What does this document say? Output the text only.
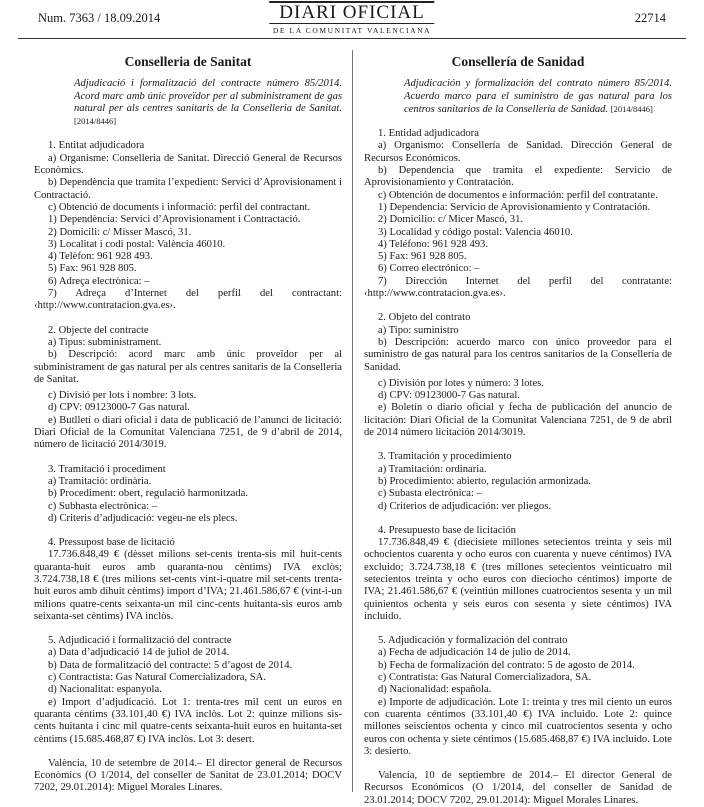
Num. 7363 / 18.09.2014	DIARI OFICIAL
DE LA COMUNITAT VALENCIANA
22714
Conselleria de Sanitat

Adjudicació i formalització del contracte número 85/2014. Acord marc amb únic proveïdor per al subministrament de gas natural per als centres sanitaris de la Conselleria de Sanitat. [2014/8446]

1. Entitat adjudicadora

a) Organisme: Conselleria de Sanitat. Direcció General de Recursos Econòmics.

b) Dependència que tramita l’expedient: Servici d’Aprovisionament i Contractació.

c) Obtenció de documents i informació: perfil del contractant.

1) Dependència: Servici d’Aprovisionament i Contractació.

2) Domicili: c/ Misser Mascó, 31.

3) Localitat i codi postal: València 46010.

4) Telèfon: 961 928 493.

5) Fax: 961 928 805.

6) Adreça electrònica: –

7) Adreça d’Internet del perfil del contractant: ‹http://www.contratacion.gva.es›.

2. Objecte del contracte

a) Tipus: subministrament.

b) Descripció: acord marc amb únic proveïdor per al subministrament de gas natural per als centres sanitaris de la Conselleria de Sanitat.

c) Divisió per lots i nombre: 3 lots.

d) CPV: 09123000-7 Gas natural.

e) Butlletí o diari oficial i data de publicació de l’anunci de licitació: Diari Oficial de la Comunitat Valenciana 7251, de 9 d’abril de 2014, número de licitació 2014/3019.

3. Tramitació i procediment

a) Tramitació: ordinària.

b) Procediment: obert, regulació harmonitzada.

c) Subhasta electrònica: –

d) Criteris d’adjudicació: vegeu-ne els plecs.

4. Pressupost base de licitació

17.736.848,49 € (dèsset milions set-cents trenta-sis mil huit-cents quaranta-huit euros amb quaranta-nou cèntims) IVA exclòs; 3.724.738,18 € (tres milions set-cents vint-i-quatre mil set-cents trenta-huit euros amb díhuit cèntims) import d’IVA; 21.461.586,67 € (vint-i-un milions quatre-cents seixanta-un mil cinc-cents huitanta-sis euros amb seixanta-set cèntims) IVA inclòs.

5. Adjudicació i formalització del contracte

a) Data d’adjudicació 14 de juliol de 2014.

b) Data de formalització del contracte: 5 d’agost de 2014.

c) Contractista: Gas Natural Comercializadora, SA.

d) Nacionalitat: espanyola.

e) Import d’adjudicació. Lot 1: trenta-tres mil cent un euros en quaranta cèntims (33.101,40 €) IVA inclòs. Lot 2: quinze milions sis-cents huitanta i cinc mil quatre-cents seixanta-huit euros en huitanta-set cèntims (15.685.468,87 €) IVA inclòs. Lot 3: desert.

València, 10 de setembre de 2014.– El director general de Recursos Econòmics (O 1/2014, del conseller de Sanitat de 23.01.2014; DOCV 7202, 29.01.2014): Miguel Morales Linares.

Consellería de Sanidad

Adjudicación y formalización del contrato número 85/2014. Acuerdo marco para el suministro de gas natural para los centros sanitarios de la Consellería de Sanidad. [2014/8446]

1. Entidad adjudicadora

a) Organismo: Consellería de Sanidad. Dirección General de Recursos Económicos.

b) Dependencia que tramita el expediente: Servicio de Aprovisionamiento y Contratación.

c) Obtención de documentos e información: perfil del contratante.

1) Dependencia: Servicio de Aprovisionamiento y Contratación.

2) Domicilio: c/ Micer Mascó, 31.

3) Localidad y código postal: Valencia 46010.

4) Teléfono: 961 928 493.

5) Fax: 961 928 805.

6) Correo electrónico: –

7) Dirección Internet del perfil del contratante: ‹http://www.contratacion.gva.es›.

2. Objeto del contrato

a) Tipo: suministro

b) Descripción: acuerdo marco con único proveedor para el suministro de gas natural para los centros sanitarios de la Consellería de Sanidad.

c) División por lotes y número: 3 lotes.

d) CPV: 09123000-7 Gas natural.

e) Boletín o diario oficial y fecha de publicación del anuncio de licitación: Diari Oficial de la Comunitat Valenciana 7251, de 9 de abril de 2014 número licitación 2014/3019.

3. Tramitación y procedimiento

a) Tramitación: ordinaria.

b) Procedimiento: abierto, regulación armonizada.

c) Subasta electrónica: –

d) Criterios de adjudicación: ver pliegos.

4. Presupuesto base de licitación

17.736.848,49 € (diecisiete millones setecientos treinta y seis mil ochocientos cuarenta y ocho euros con cuarenta y nueve céntimos) IVA excluido; 3.724.738,18 € (tres millones setecientos veinticuatro mil setecientos treinta y ocho euros con dieciocho céntimos) importe de IVA; 21.461.586,67 € (veintiún millones cuatrocientos sesenta y un mil quinientos ochenta y seis euros con sesenta y siete céntimos) IVA incluido.

5. Adjudicación y formalización del contrato

a) Fecha de adjudicación 14 de julio de 2014.

b) Fecha de formalización del contrato: 5 de agosto de 2014.

c) Contratista: Gas Natural Comercializadora, SA.

d) Nacionalidad: española.

e) Importe de adjudicación. Lote 1: treinta y tres mil ciento un euros con cuarenta céntimos (33.101,40 €) IVA incluido. Lote 2: quince millones seiscientos ochenta y cinco mil cuatrocientos sesenta y ocho euros con ochenta y siete céntimos (15.685.468,87 €) IVA incluido. Lote 3: desierto.

Valencia, 10 de septiembre de 2014.– El director General de Recursos Económicos (O 1/2014, del conseller de Sanidad de 23.01.2014; DOCV 7202, 29.01.2014): Miguel Morales Linares.
